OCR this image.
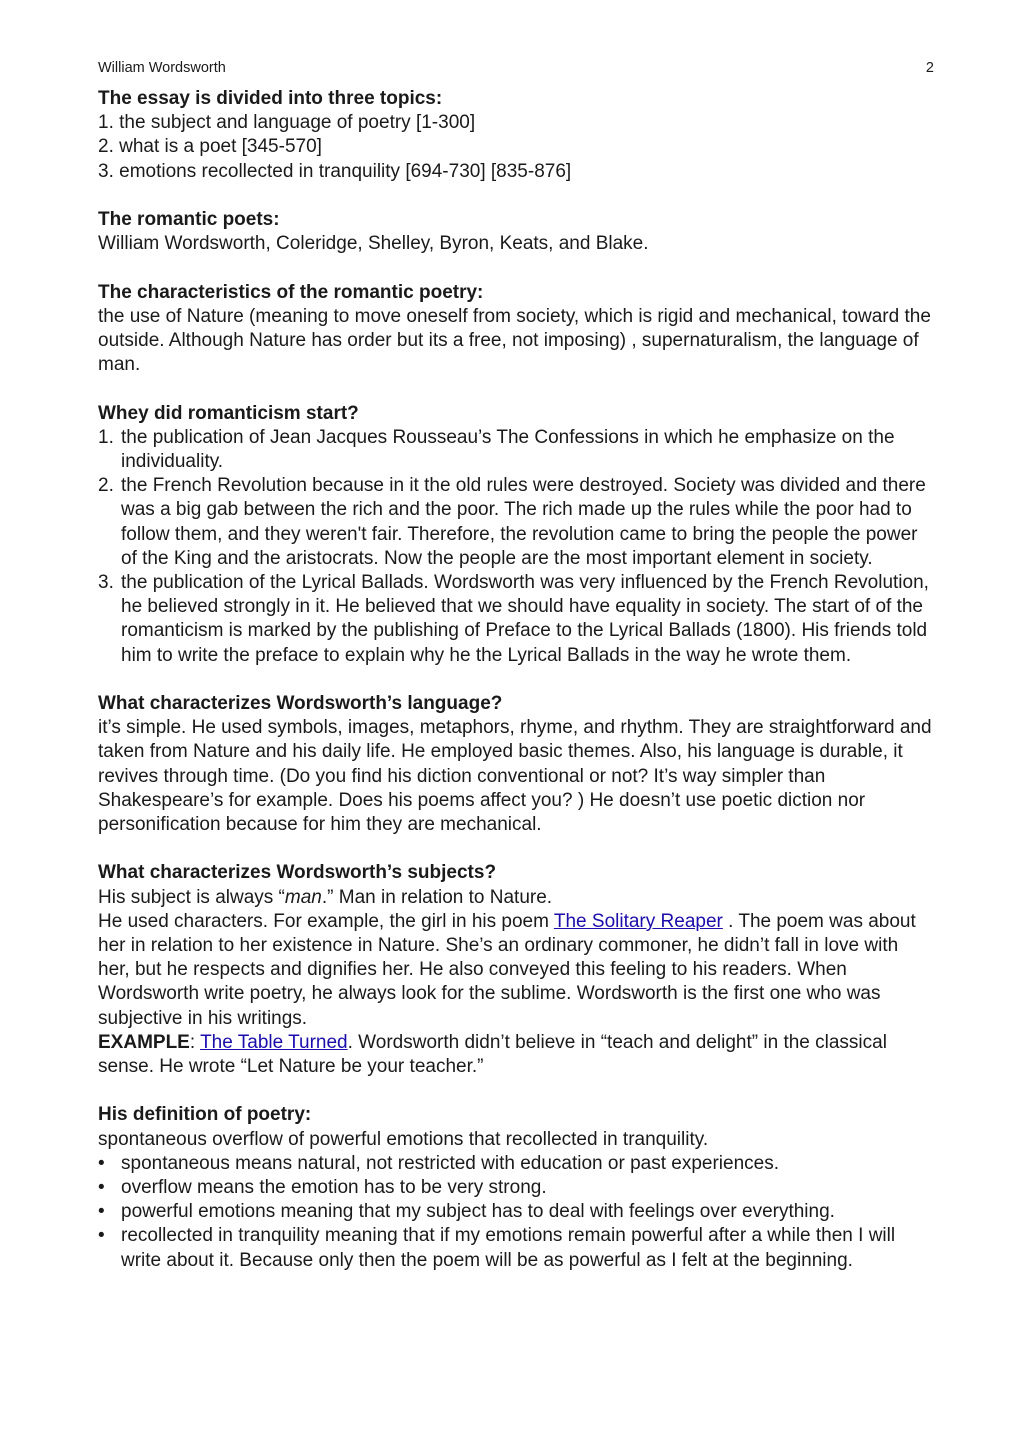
William Wordsworth	2
The essay is divided into three topics:
1. the subject and language of poetry [1-300]
2. what is a poet [345-570]
3. emotions recollected in tranquility [694-730] [835-876]
The romantic poets:
William Wordsworth, Coleridge, Shelley, Byron, Keats, and Blake.
The characteristics of the romantic poetry:
the use of Nature (meaning to move oneself from society, which is rigid and mechanical, toward the outside. Although Nature has order but its a free, not imposing) , supernaturalism, the language of man.
Whey did romanticism start?
1. the publication of Jean Jacques Rousseau’s The Confessions in which he emphasize on the individuality.
2. the French Revolution because in it the old rules were destroyed. Society was divided and there was a big gab between the rich and the poor. The rich made up the rules while the poor had to follow them, and they weren't fair. Therefore, the revolution came to bring the people the power of the King and the aristocrats. Now the people are the most important element in society.
3. the publication of the Lyrical Ballads. Wordsworth was very influenced by the French Revolution, he believed strongly in it. He believed that we should have equality in society. The start of of the romanticism is marked by the publishing of Preface to the Lyrical Ballads (1800). His friends told him to write the preface to explain why he the Lyrical Ballads in the way he wrote them.
What characterizes Wordsworth’s language?
it’s simple. He used symbols, images, metaphors, rhyme, and rhythm. They are straightforward and taken from Nature and his daily life. He employed basic themes. Also, his language is durable, it revives through time. (Do you find his diction conventional or not? It’s way simpler than Shakespeare’s for example. Does his poems affect you? ) He doesn’t use poetic diction nor personification because for him they are mechanical.
What characterizes Wordsworth’s subjects?
His subject is always “man.” Man in relation to Nature.
He used characters. For example, the girl in his poem The Solitary Reaper . The poem was about her in relation to her existence in Nature. She’s an ordinary commoner, he didn’t fall in love with her, but he respects and dignifies her. He also conveyed this feeling to his readers. When Wordsworth write poetry, he always look for the sublime. Wordsworth is the first one who was subjective in his writings.
EXAMPLE: The Table Turned. Wordsworth didn’t believe in “teach and delight” in the classical sense. He wrote “Let Nature be your teacher.”
His definition of poetry:
spontaneous overflow of powerful emotions that recollected in tranquility.
• spontaneous means natural, not restricted with education or past experiences.
• overflow means the emotion has to be very strong.
• powerful emotions meaning that my subject has to deal with feelings over everything.
• recollected in tranquility meaning that if my emotions remain powerful after a while then I will write about it. Because only then the poem will be as powerful as I felt at the beginning.
